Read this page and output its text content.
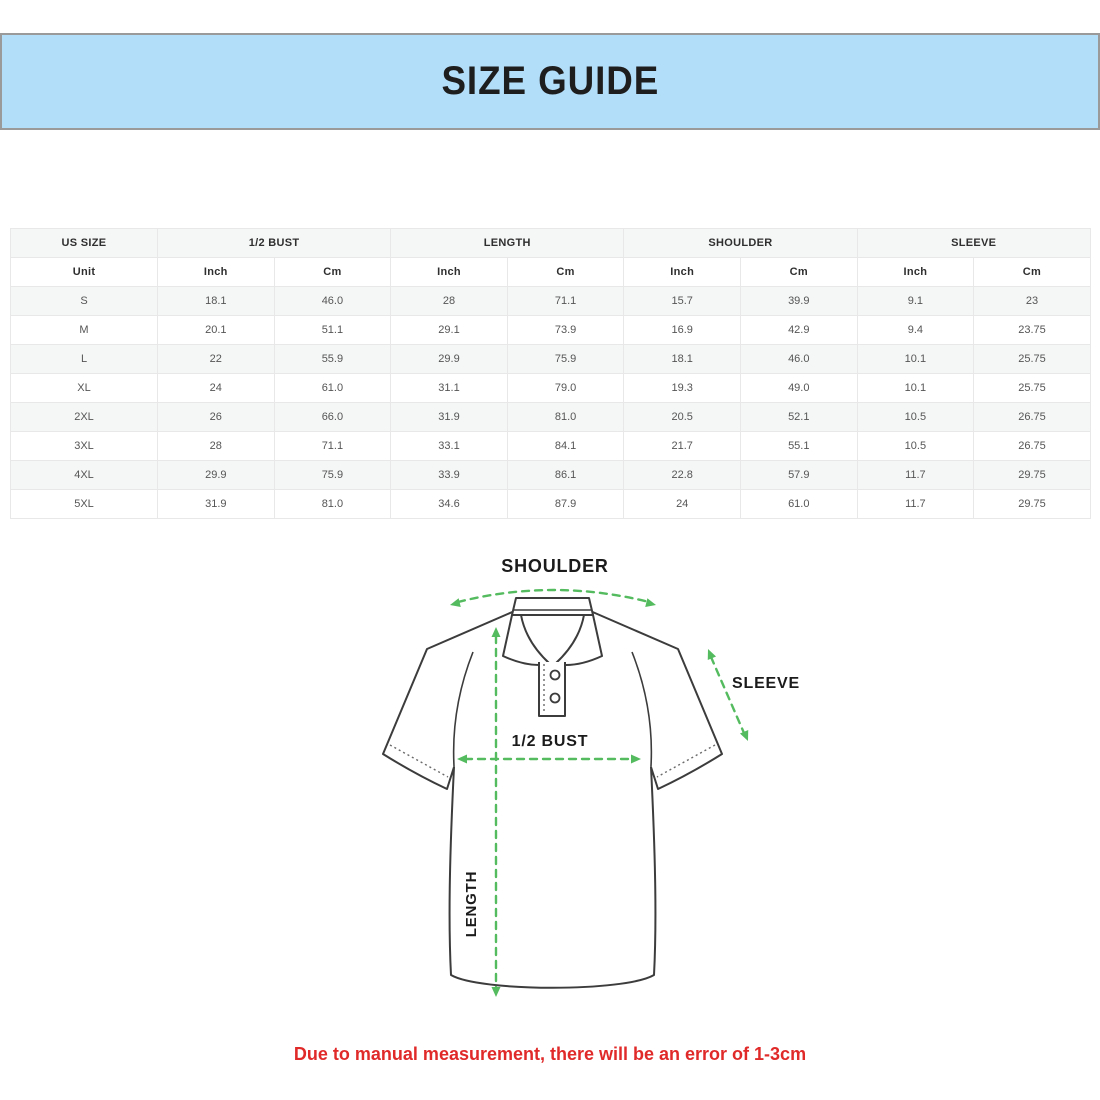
SIZE GUIDE
US SIZE	1/2 BUST		LENGTH		SHOULDER		SLEEVE	
Unit	Inch	Cm	Inch	Cm	Inch	Cm	Inch	Cm
S	18.1	46.0	28	71.1	15.7	39.9	9.1	23
M	20.1	51.1	29.1	73.9	16.9	42.9	9.4	23.75
L	22	55.9	29.9	75.9	18.1	46.0	10.1	25.75
XL	24	61.0	31.1	79.0	19.3	49.0	10.1	25.75
2XL	26	66.0	31.9	81.0	20.5	52.1	10.5	26.75
3XL	28	71.1	33.1	84.1	21.7	55.1	10.5	26.75
4XL	29.9	75.9	33.9	86.1	22.8	57.9	11.7	29.75
5XL	31.9	81.0	34.6	87.9	24	61.0	11.7	29.75
SHOULDER
SLEEVE
1/2 BUST
LENGTH

Due to manual measurement, there will be an error of 1-3cm
